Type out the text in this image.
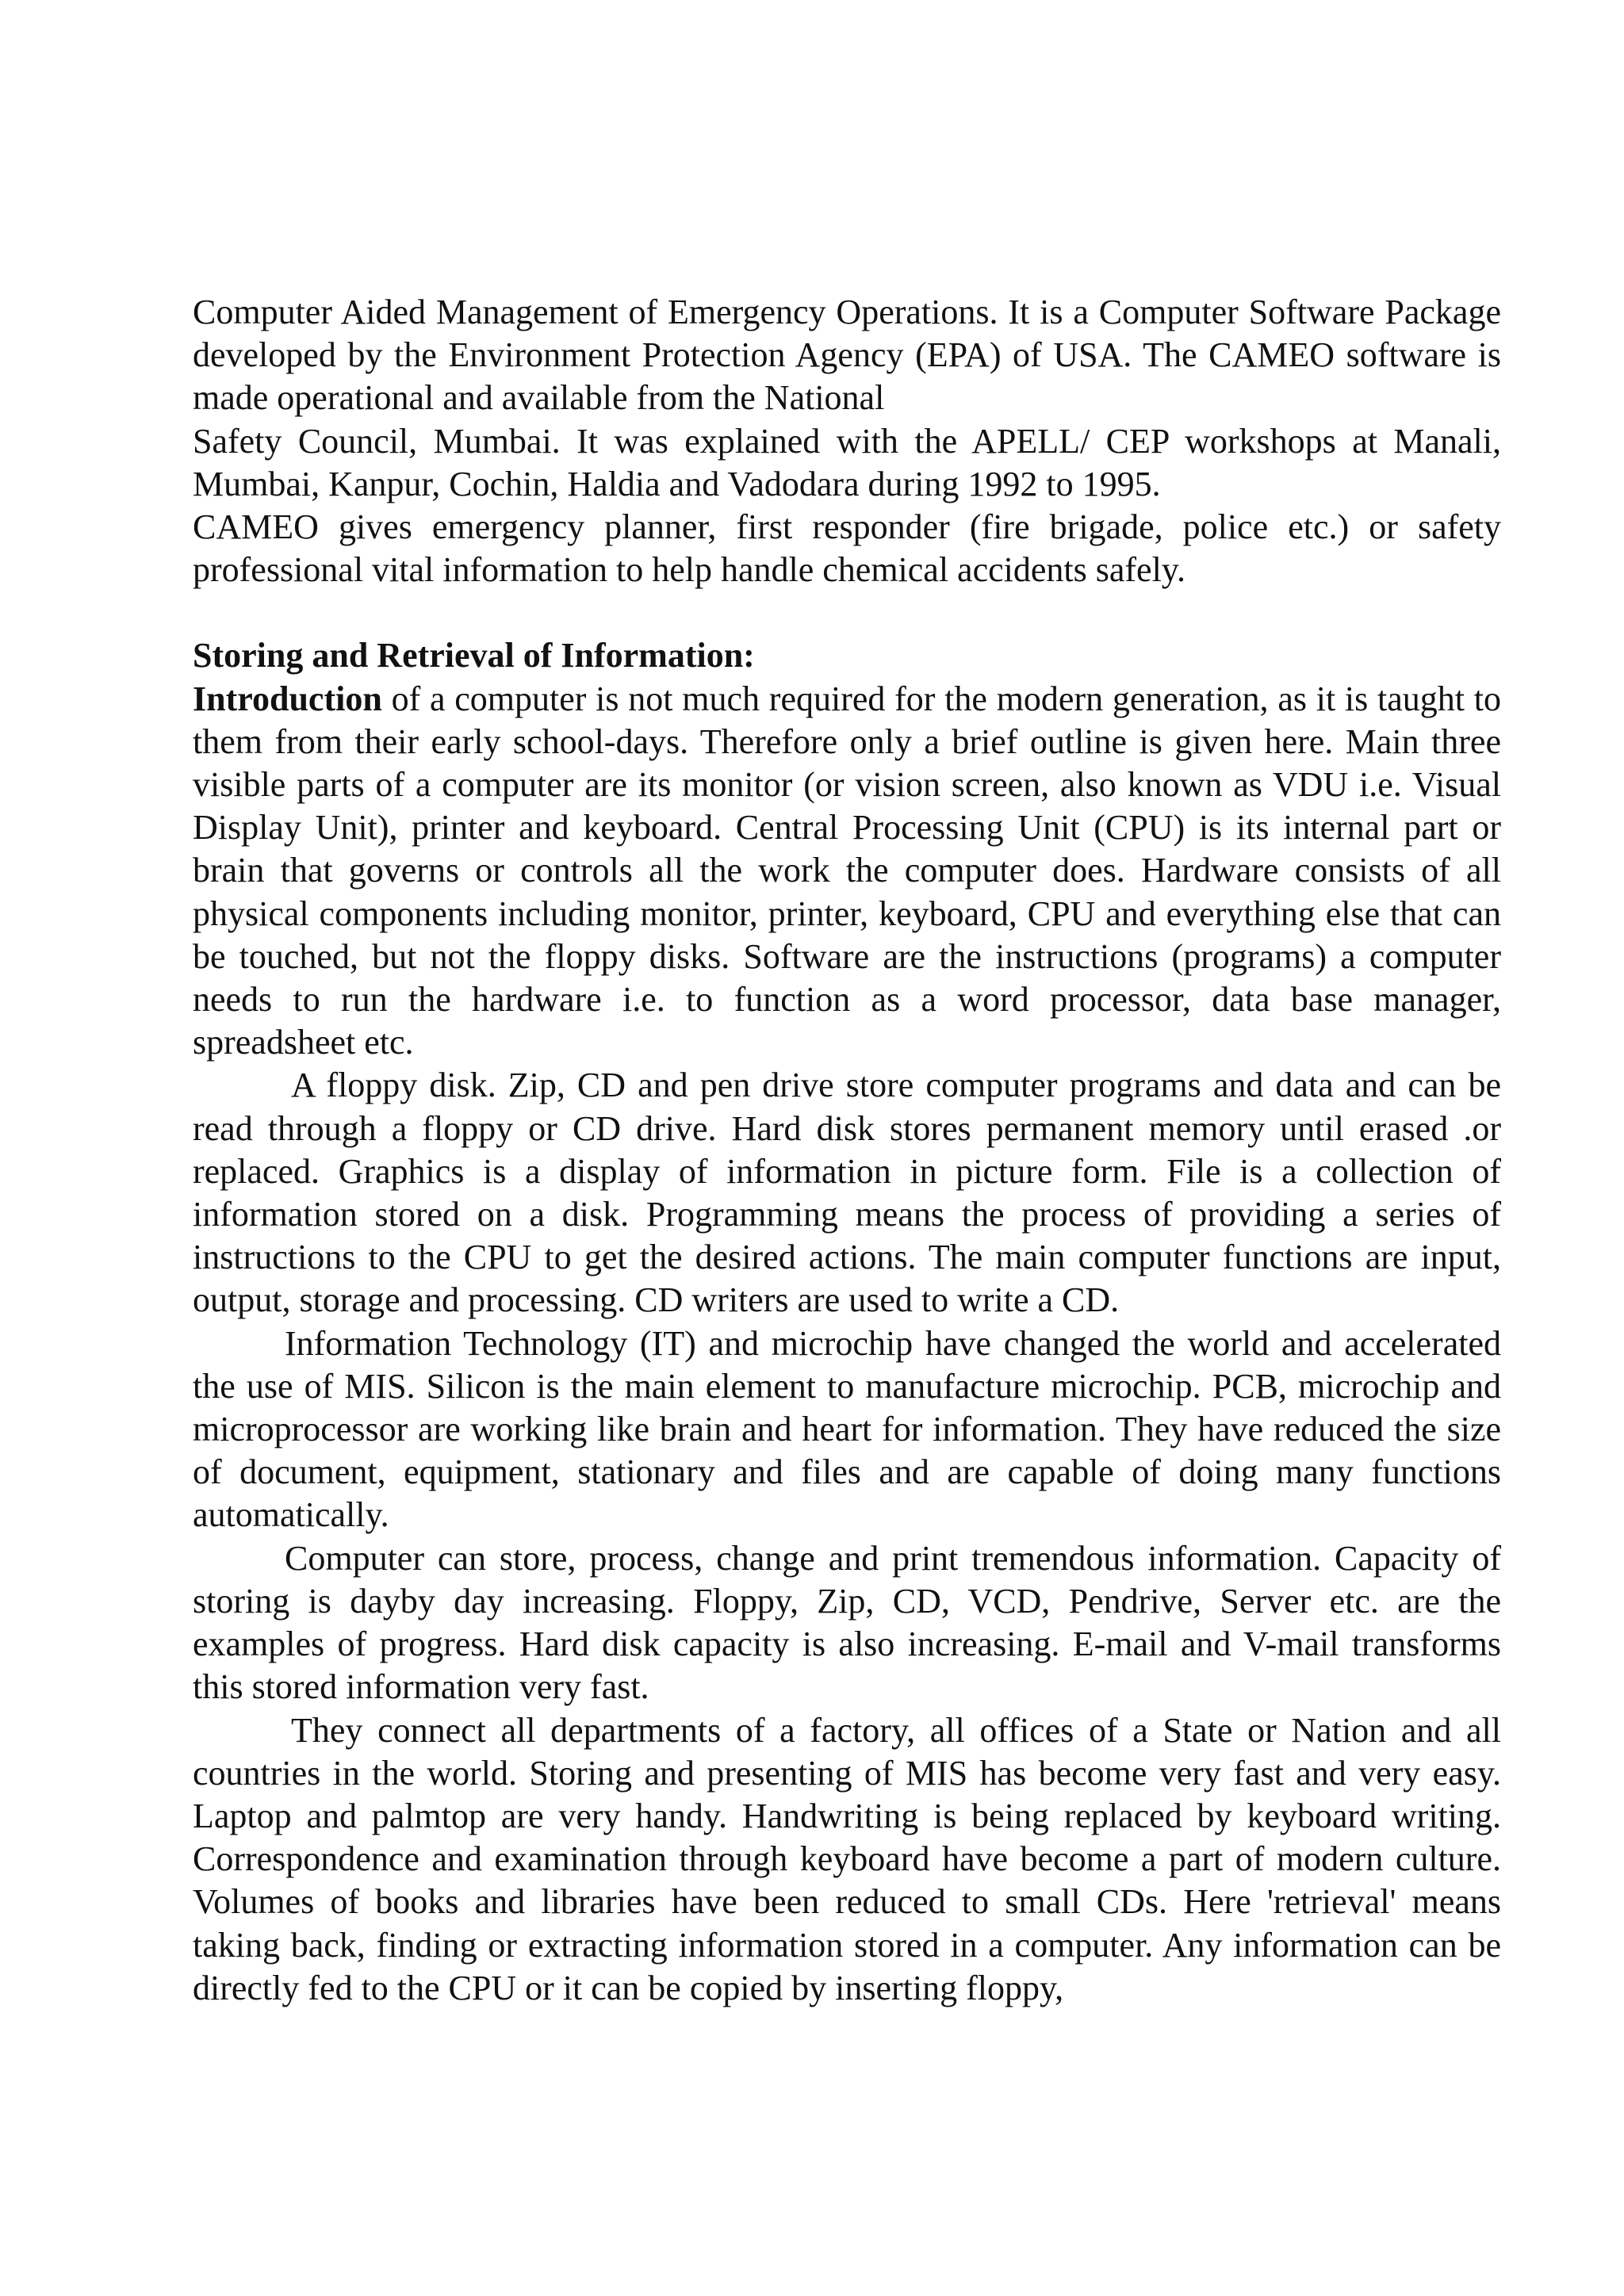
Computer Aided Management of Emergency Operations. It is a Computer Software Package developed by the Environment Protection Agency (EPA) of USA. The CAMEO software is made operational and available from the National

Safety Council, Mumbai. It was explained with the APELL/ CEP workshops at Manali, Mumbai, Kanpur, Cochin, Haldia and Vadodara during 1992 to 1995.

CAMEO gives emergency planner, first responder (fire brigade, police etc.) or safety professional vital information to help handle chemical accidents safely.

Storing and Retrieval of Information:

Introduction of a computer is not much required for the modern generation, as it is taught to them from their early school-days. Therefore only a brief outline is given here. Main three visible parts of a computer are its monitor (or vision screen, also known as VDU i.e. Visual Display Unit), printer and keyboard. Central Processing Unit (CPU) is its internal part or brain that governs or controls all the work the computer does. Hardware consists of all physical components including monitor, printer, keyboard, CPU and everything else that can be touched, but not the floppy disks. Software are the instructions (programs) a computer needs to run the hardware i.e. to function as a word processor, data base manager, spreadsheet etc.

A floppy disk. Zip, CD and pen drive store computer programs and data and can be read through a floppy or CD drive. Hard disk stores permanent memory until erased .or replaced. Graphics is a display of information in picture form. File is a collection of information stored on a disk. Programming means the process of providing a series of instructions to the CPU to get the desired actions. The main computer functions are input, output, storage and processing. CD writers are used to write a CD.

Information Technology (IT) and microchip have changed the world and accelerated the use of MIS. Silicon is the main element to manufacture microchip. PCB, microchip and microprocessor are working like brain and heart for information. They have reduced the size of document, equipment, stationary and files and are capable of doing many functions automatically.

Computer can store, process, change and print tremendous information. Capacity of storing is dayby day increasing. Floppy, Zip, CD, VCD, Pendrive, Server etc. are the examples of progress. Hard disk capacity is also increasing. E-mail and V-mail transforms this stored information very fast.

They connect all departments of a factory, all offices of a State or Nation and all countries in the world. Storing and presenting of MIS has become very fast and very easy. Laptop and palmtop are very handy. Handwriting is being replaced by keyboard writing. Correspondence and examination through keyboard have become a part of modern culture. Volumes of books and libraries have been reduced to small CDs. Here 'retrieval' means taking back, finding or extracting information stored in a computer. Any information can be directly fed to the CPU or it can be copied by inserting floppy,
